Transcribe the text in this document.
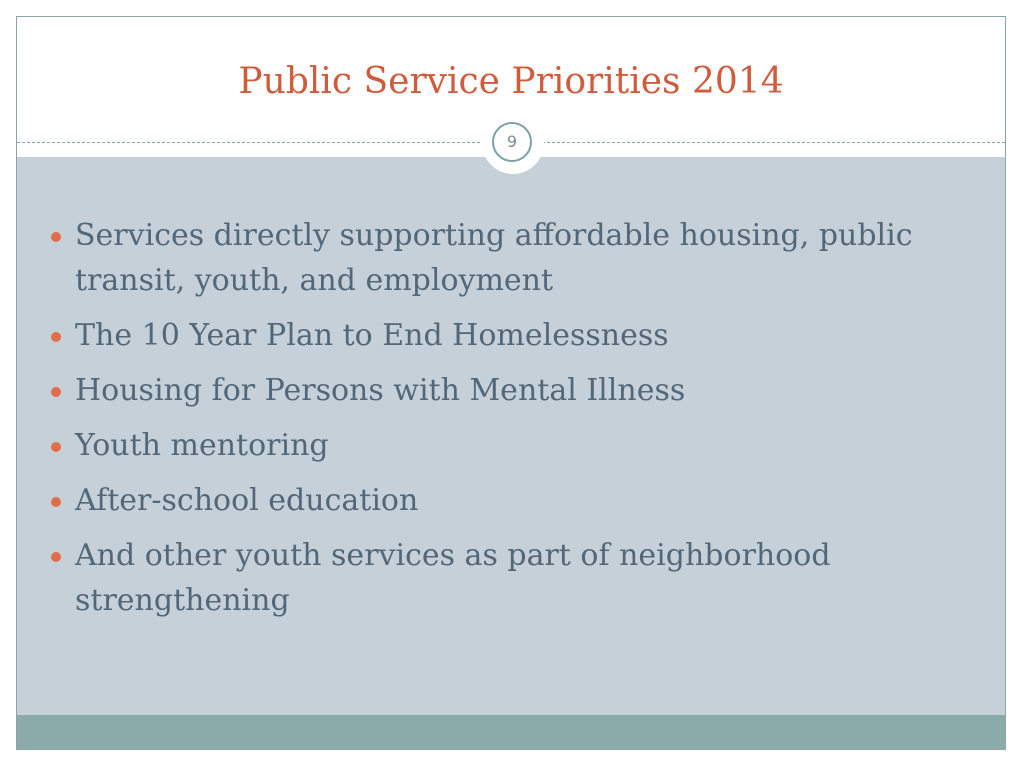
Public Service Priorities 2014
9
Services directly supporting affordable housing, public transit, youth, and employment
The 10 Year Plan to End Homelessness
Housing for Persons with Mental Illness
Youth mentoring
After-school education
And other youth services as part of neighborhood strengthening
